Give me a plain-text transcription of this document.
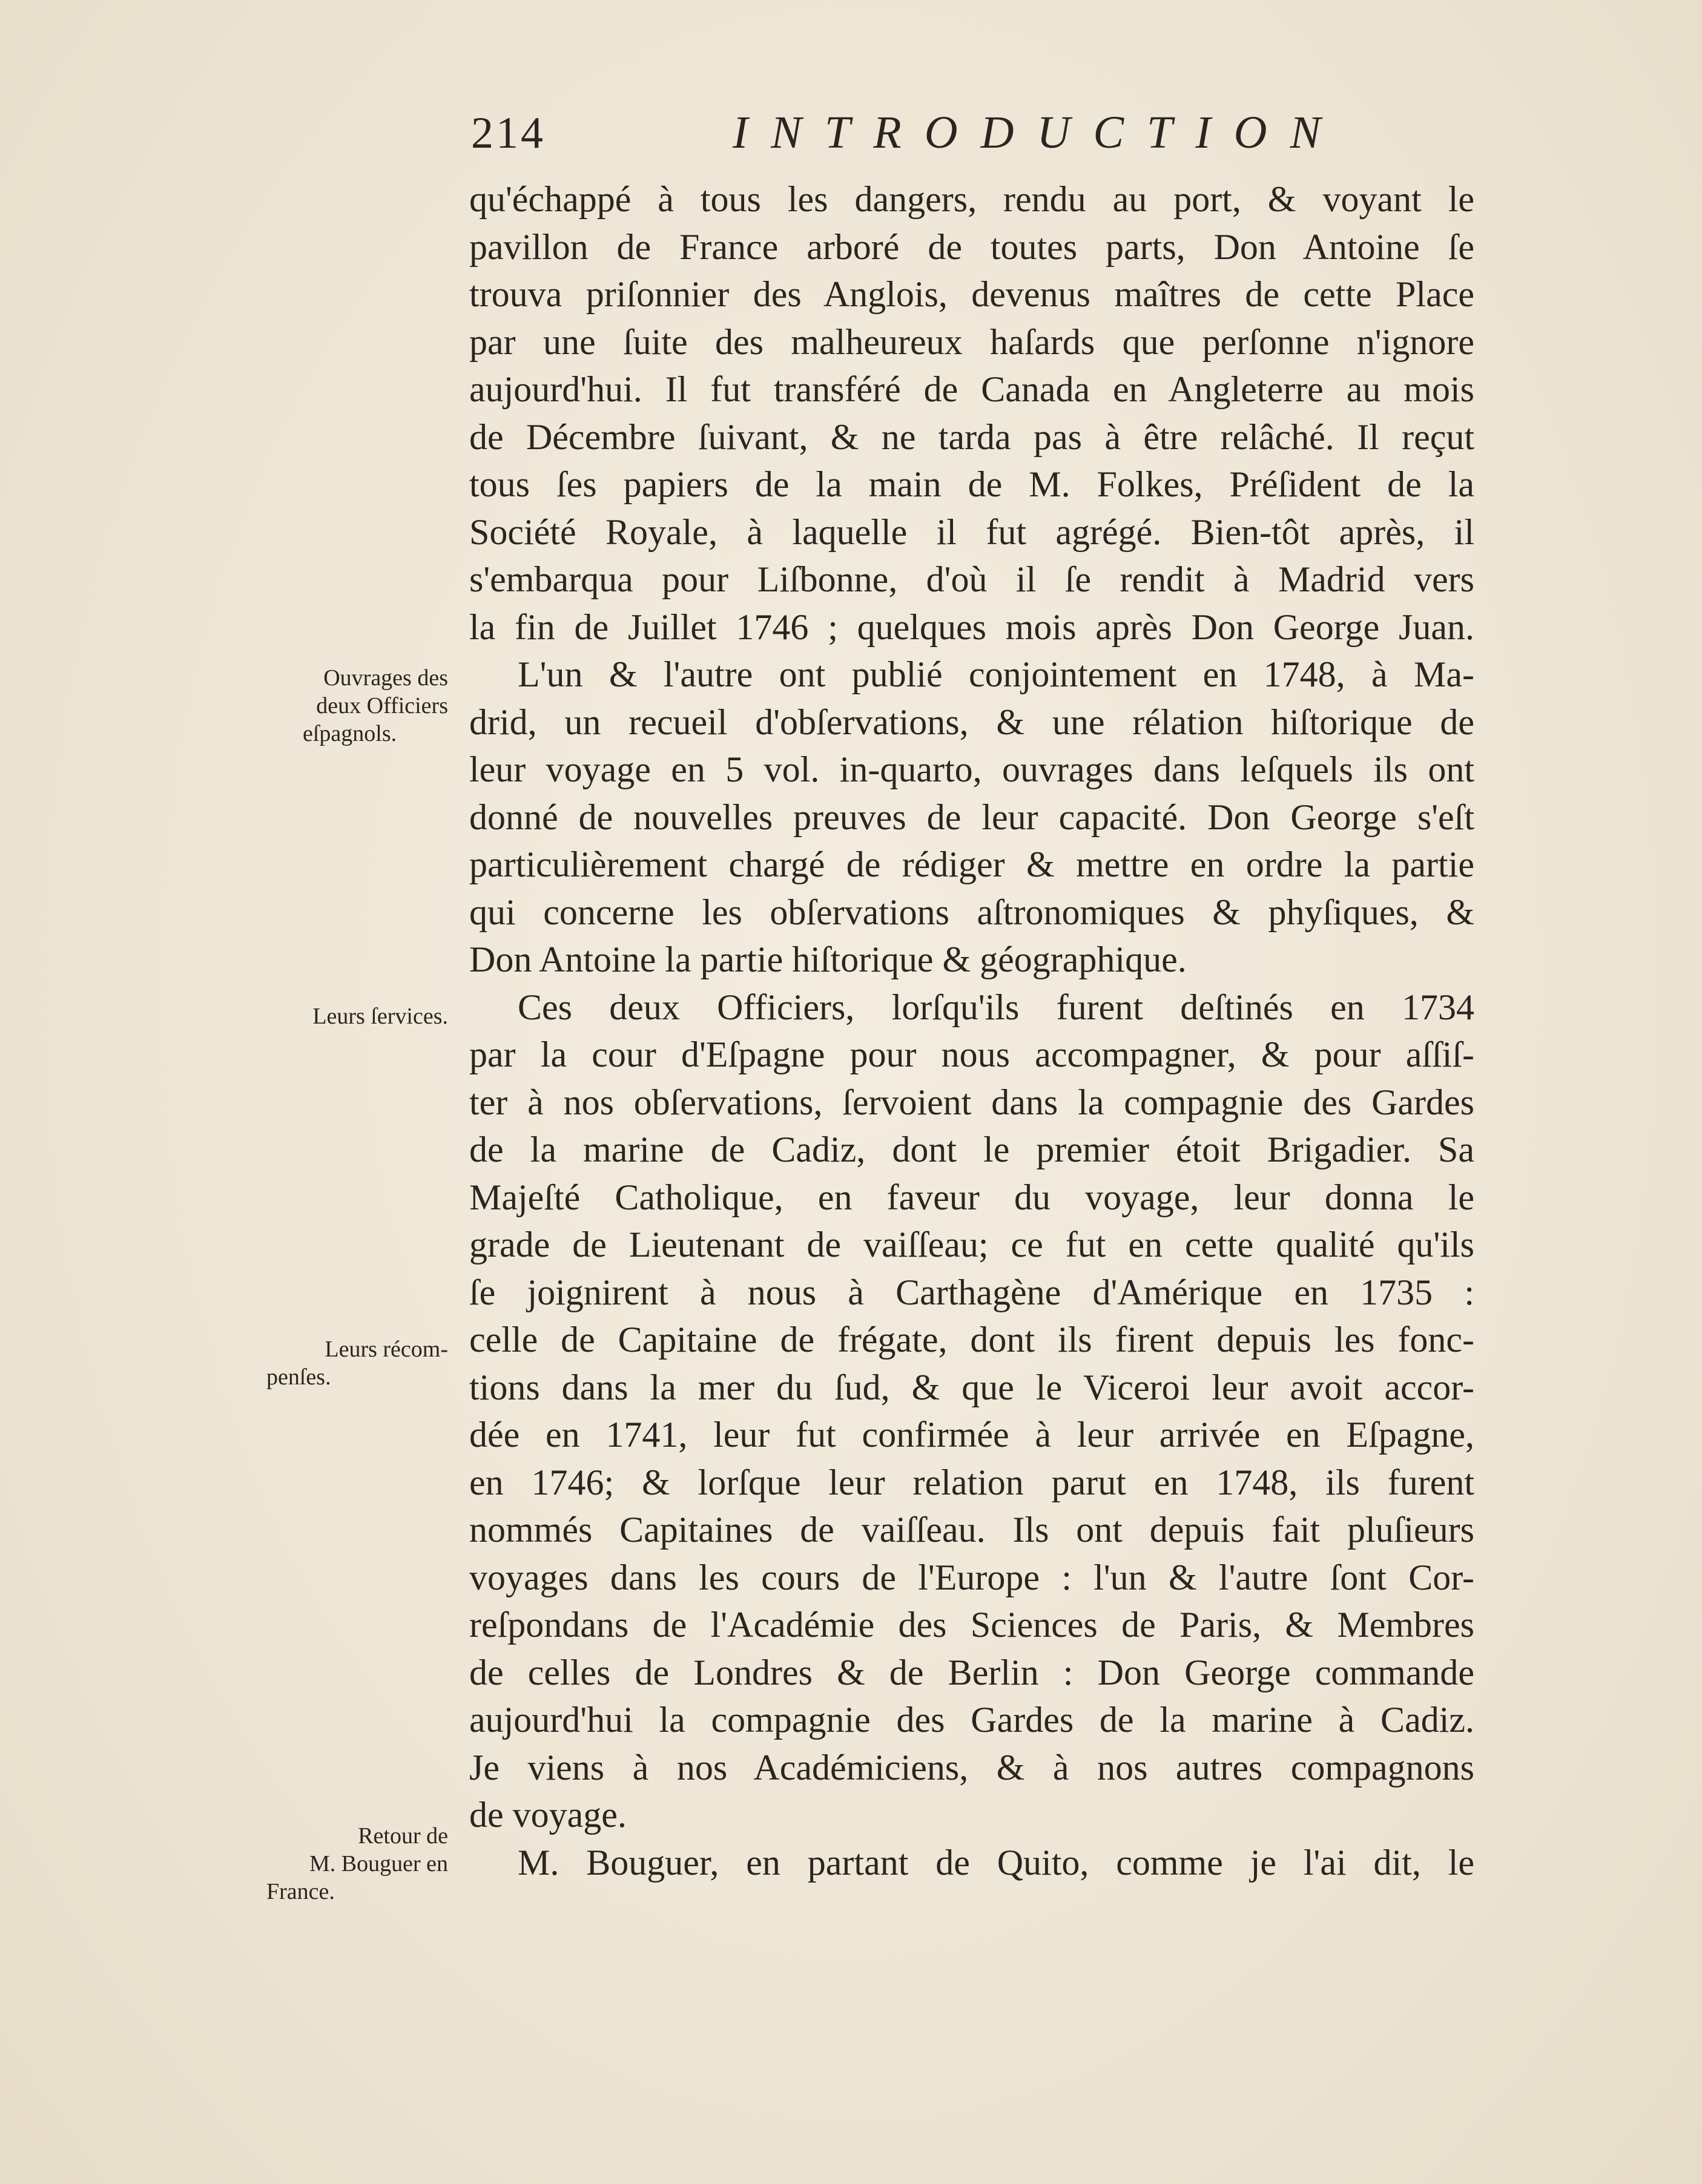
214	INTRODUCTION
Ouvrages des
deux Officiers
eſpagnols.
Leurs ſervices.
Leurs récom-
penſes.
Retour de
M. Bouguer en
France.
qu'échappé à tous les dangers, rendu au port, & voyant le
pavillon de France arboré de toutes parts, Don Antoine ſe
trouva priſonnier des Anglois, devenus maîtres de cette Place
par une ſuite des malheureux haſards que perſonne n'ignore
aujourd'hui. Il fut transféré de Canada en Angleterre au mois
de Décembre ſuivant, & ne tarda pas à être relâché. Il reçut
tous ſes papiers de la main de M. Folkes, Préſident de la
Société Royale, à laquelle il fut agrégé. Bien-tôt après, il
s'embarqua pour Liſbonne, d'où il ſe rendit à Madrid vers
la fin de Juillet 1746 ; quelques mois après Don George Juan.
L'un & l'autre ont publié conjointement en 1748, à Ma-
drid, un recueil d'obſervations, & une rélation hiſtorique de
leur voyage en 5 vol. in-quarto, ouvrages dans leſquels ils ont
donné de nouvelles preuves de leur capacité. Don George s'eſt
particulièrement chargé de rédiger & mettre en ordre la partie
qui concerne les obſervations aſtronomiques & phyſiques, &
Don Antoine la partie hiſtorique & géographique.
Ces deux Officiers, lorſqu'ils furent deſtinés en 1734
par la cour d'Eſpagne pour nous accompagner, & pour aſſiſ-
ter à nos obſervations, ſervoient dans la compagnie des Gardes
de la marine de Cadiz, dont le premier étoit Brigadier. Sa
Majeſté Catholique, en faveur du voyage, leur donna le
grade de Lieutenant de vaiſſeau; ce fut en cette qualité qu'ils
ſe joignirent à nous à Carthagène d'Amérique en 1735 :
celle de Capitaine de frégate, dont ils firent depuis les fonc-
tions dans la mer du ſud, & que le Viceroi leur avoit accor-
dée en 1741, leur fut confirmée à leur arrivée en Eſpagne,
en 1746; & lorſque leur relation parut en 1748, ils furent
nommés Capitaines de vaiſſeau. Ils ont depuis fait pluſieurs
voyages dans les cours de l'Europe : l'un & l'autre ſont Cor-
reſpondans de l'Académie des Sciences de Paris, & Membres
de celles de Londres & de Berlin : Don George commande
aujourd'hui la compagnie des Gardes de la marine à Cadiz.
Je viens à nos Académiciens, & à nos autres compagnons
de voyage.
M. Bouguer, en partant de Quito, comme je l'ai dit, le
